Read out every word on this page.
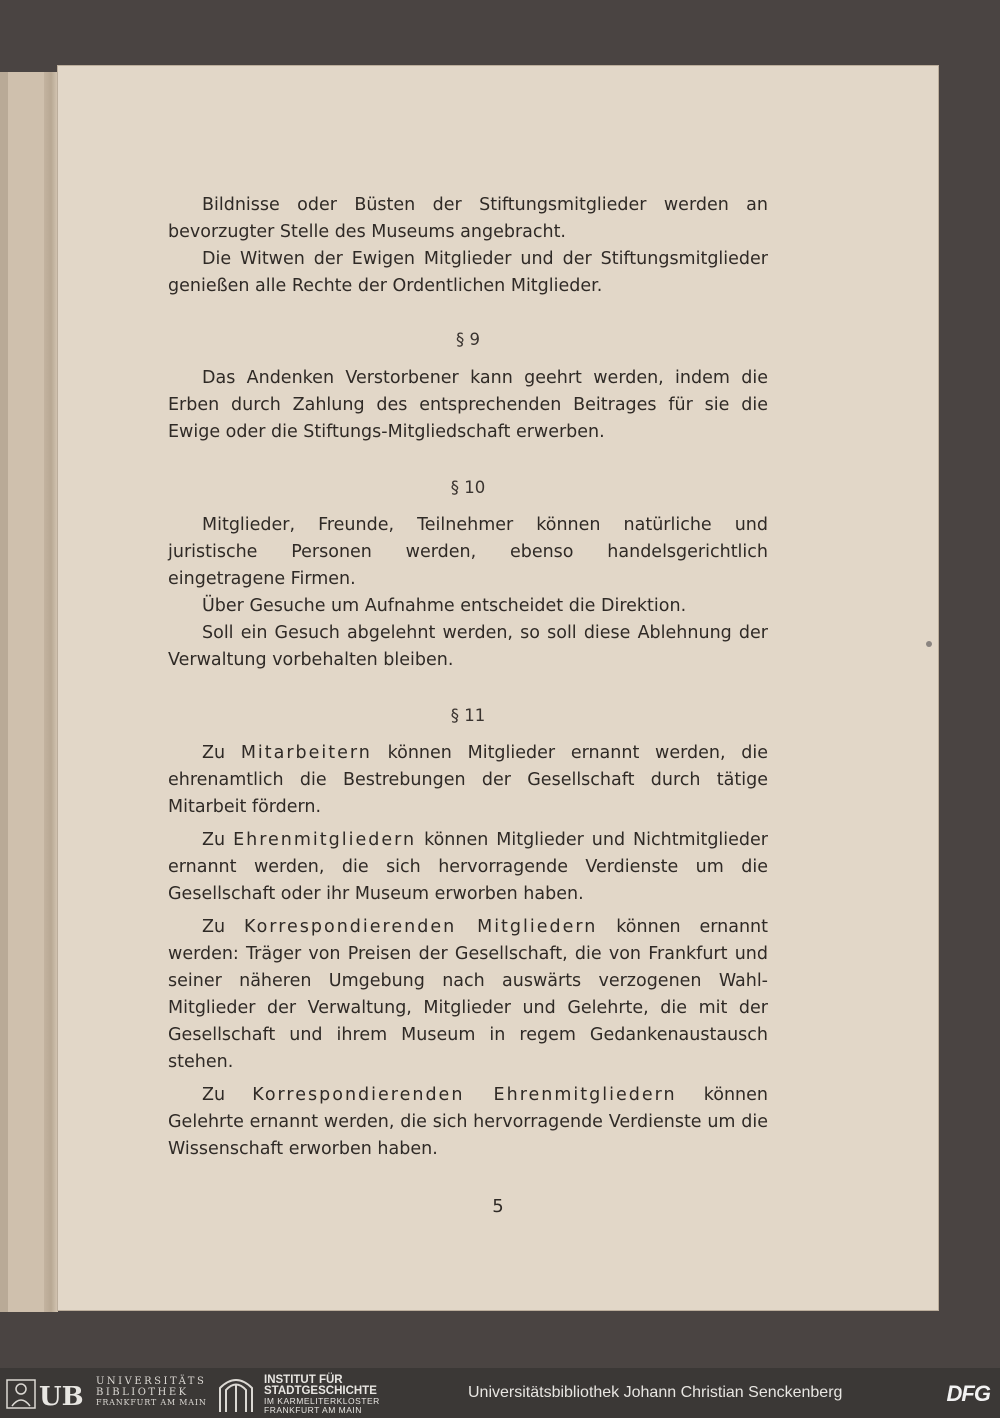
Bildnisse oder Büsten der Stiftungsmitglieder werden an bevorzugter Stelle des Museums angebracht.

Die Witwen der Ewigen Mitglieder und der Stiftungsmitglieder genießen alle Rechte der Ordentlichen Mitglieder.

§ 9

Das Andenken Verstorbener kann geehrt werden, indem die Erben durch Zahlung des entsprechenden Beitrages für sie die Ewige oder die Stiftungs-Mitgliedschaft erwerben.

§ 10

Mitglieder, Freunde, Teilnehmer können natürliche und juristische Personen werden, ebenso handelsgerichtlich eingetragene Firmen.

Über Gesuche um Aufnahme entscheidet die Direktion.

Soll ein Gesuch abgelehnt werden, so soll diese Ablehnung der Verwaltung vorbehalten bleiben.

§ 11

Zu Mitarbeitern können Mitglieder ernannt werden, die ehrenamtlich die Bestrebungen der Gesellschaft durch tätige Mitarbeit fördern.

Zu Ehrenmitgliedern können Mitglieder und Nichtmitglieder ernannt werden, die sich hervorragende Verdienste um die Gesellschaft oder ihr Museum erworben haben.

Zu Korrespondierenden Mitgliedern können ernannt werden: Träger von Preisen der Gesellschaft, die von Frankfurt und seiner näheren Umgebung nach auswärts verzogenen Wahl-Mitglieder der Verwaltung, Mitglieder und Gelehrte, die mit der Gesellschaft und ihrem Museum in regem Gedankenaustausch stehen.

Zu Korrespondierenden Ehrenmitgliedern können Gelehrte ernannt werden, die sich hervorragende Verdienste um die Wissenschaft erworben haben.

5
UB
UNIVERSITÄTS
BIBLIOTHEK
FRANKFURT AM MAIN
INSTITUT FÜR
STADTGESCHICHTE
IM KARMELITERKLOSTER
FRANKFURT AM MAIN
Universitätsbibliothek Johann Christian Senckenberg	DFG
